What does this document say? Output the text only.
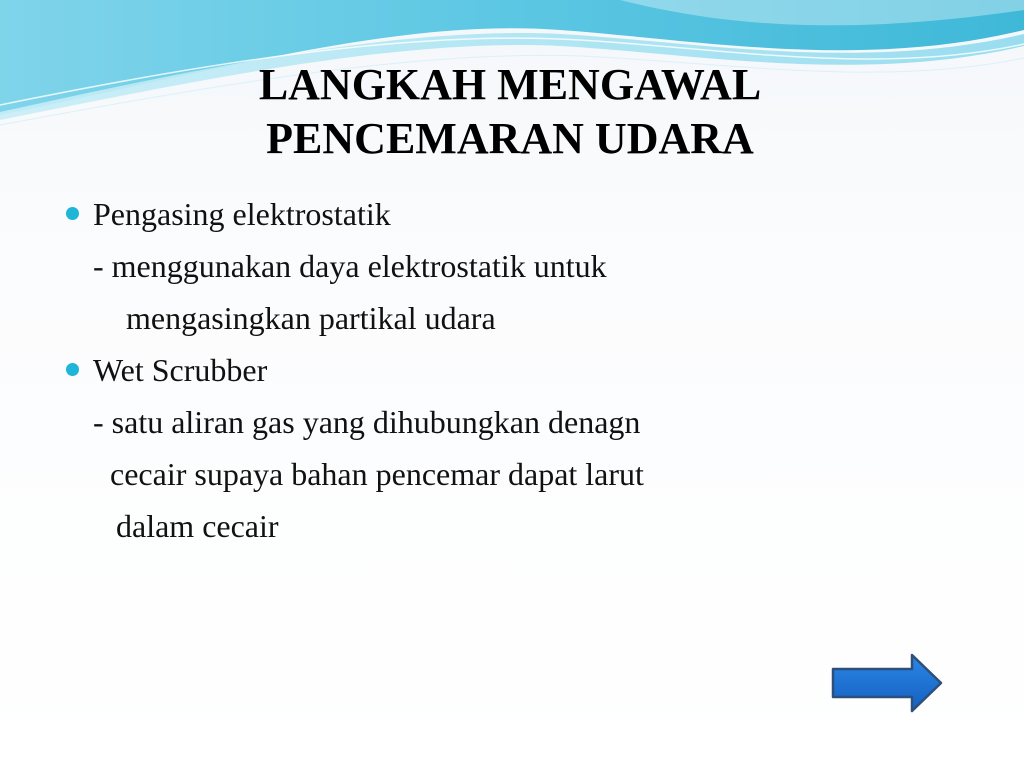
LANGKAH MENGAWAL
PENCEMARAN UDARA
Pengasing elektrostatik
- menggunakan daya elektrostatik untuk
mengasingkan partikal udara
Wet Scrubber
- satu aliran gas yang dihubungkan denagn
cecair supaya bahan pencemar dapat larut
dalam cecair
